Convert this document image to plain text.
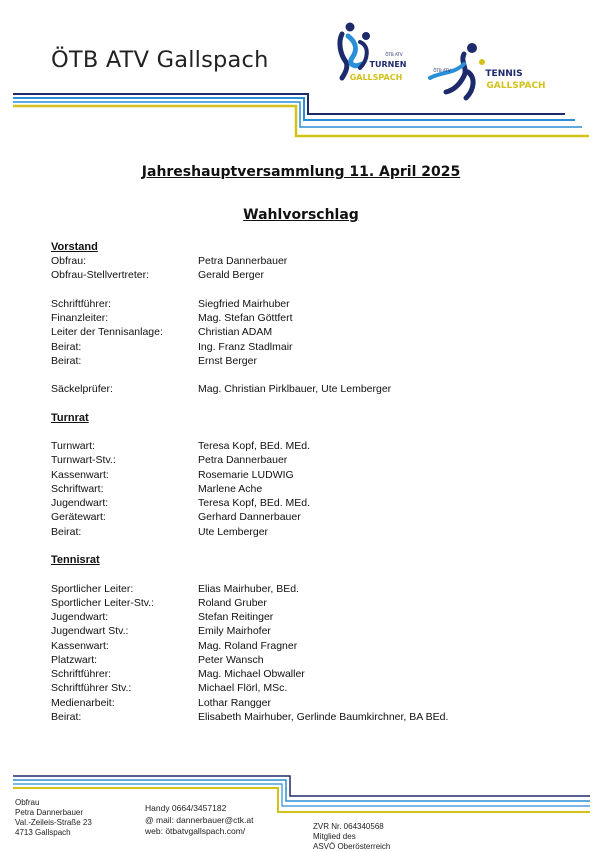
ÖTB ATV Gallspach	ÖTB ATV
TURNEN
GALLSPACH
ÖTB ATV	TENNIS
GALLSPACH
Jahreshauptversammlung 11. April 2025
Wahlvorschlag
Vorstand
Obfrau:	Petra Dannerbauer
Obfrau-Stellvertreter:	Gerald Berger
Schriftführer:	Siegfried Mairhuber
Finanzleiter:	Mag. Stefan Göttfert
Leiter der Tennisanlage:	Christian ADAM
Beirat:	Ing. Franz Stadlmair
Beirat:	Ernst Berger
Säckelprüfer:	Mag. Christian Pirklbauer, Ute Lemberger
Turnrat
Turnwart:	Teresa Kopf, BEd. MEd.
Turnwart-Stv.:	Petra Dannerbauer
Kassenwart:	Rosemarie LUDWIG
Schriftwart:	Marlene Ache
Jugendwart:	Teresa Kopf, BEd. MEd.
Gerätewart:	Gerhard Dannerbauer
Beirat:	Ute Lemberger
Tennisrat
Sportlicher Leiter:	Elias Mairhuber, BEd.
Sportlicher Leiter-Stv.:	Roland Gruber
Jugendwart:	Stefan Reitinger
Jugendwart Stv.:	Emily Mairhofer
Kassenwart:	Mag. Roland Fragner
Platzwart:	Peter Wansch
Schriftführer:	Mag. Michael Obwaller
Schriftführer Stv.:	Michael Flörl, MSc.
Medienarbeit:	Lothar Rangger
Beirat:	Elisabeth Mairhuber, Gerlinde Baumkirchner, BA BEd.
Obfrau
Petra Dannerbauer
Val.-Zeileis-Straße 23
4713 Gallspach
Handy 0664/3457182
@ mail: dannerbauer@ctk.at
web: ötbatvgallspach.com/	ZVR Nr. 064340568
Mitglied des
ASVÖ Oberösterreich
